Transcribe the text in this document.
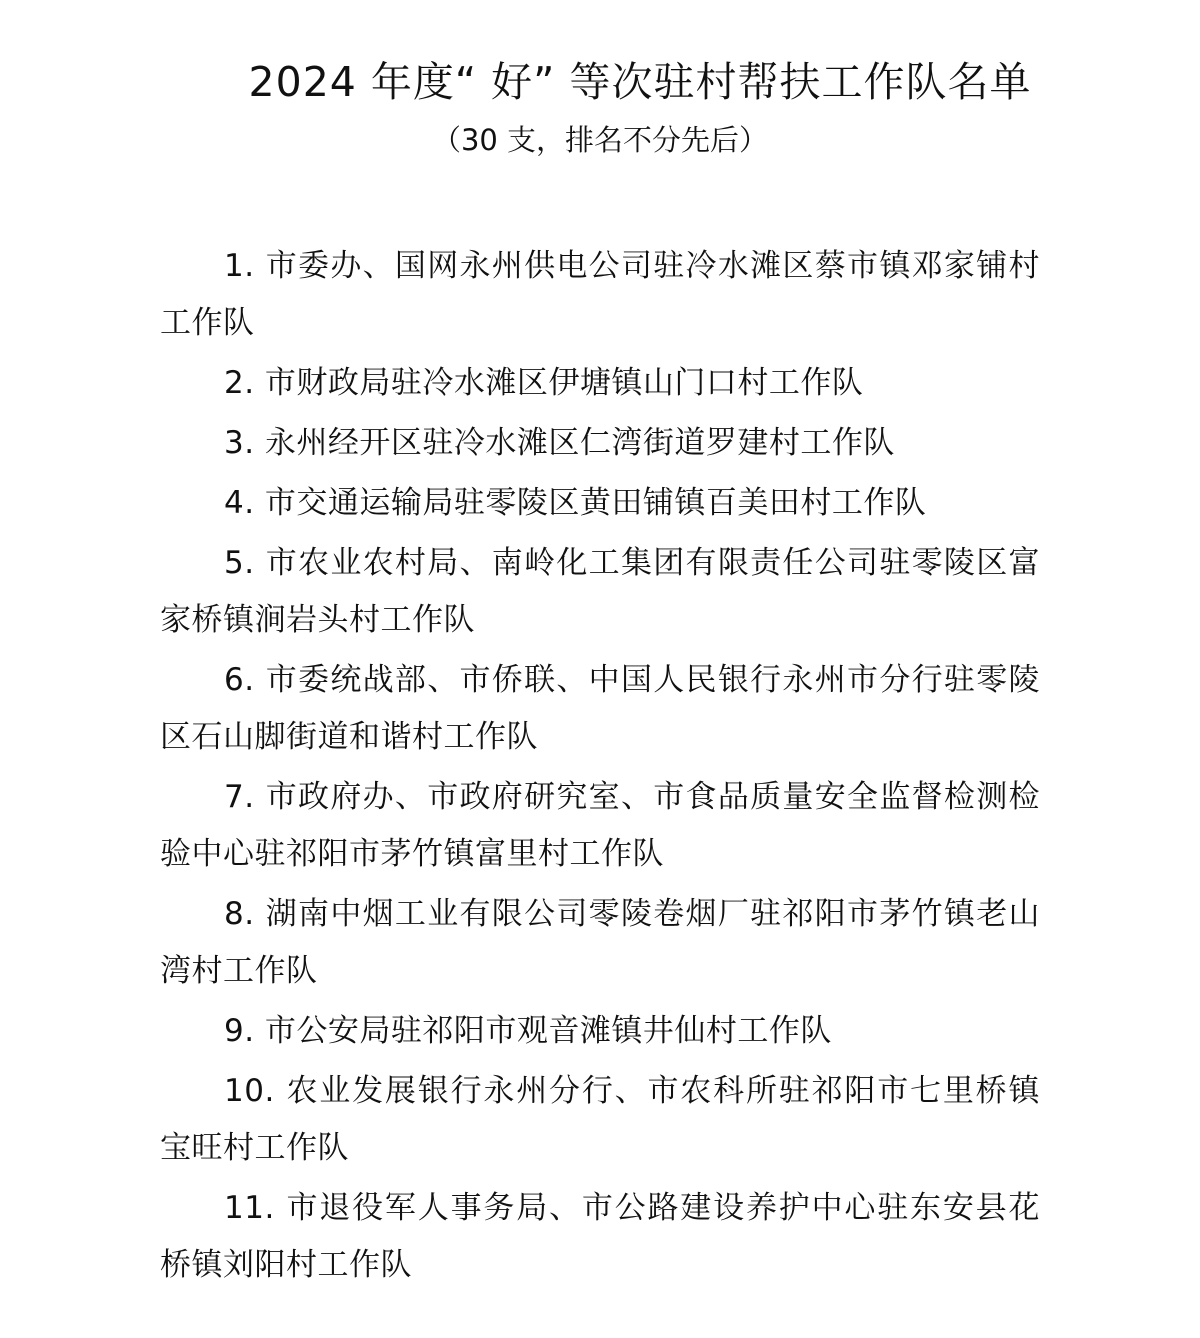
2024 年度“ 好” 等次驻村帮扶工作队名单

（30 支，排名不分先后）

1. 市委办、国网永州供电公司驻冷水滩区蔡市镇邓家铺村工作队
2. 市财政局驻冷水滩区伊塘镇山门口村工作队
3. 永州经开区驻冷水滩区仁湾街道罗建村工作队
4. 市交通运输局驻零陵区黄田铺镇百美田村工作队
5. 市农业农村局、南岭化工集团有限责任公司驻零陵区富家桥镇涧岩头村工作队
6. 市委统战部、市侨联、中国人民银行永州市分行驻零陵区石山脚街道和谐村工作队
7. 市政府办、市政府研究室、市食品质量安全监督检测检验中心驻祁阳市茅竹镇富里村工作队
8. 湖南中烟工业有限公司零陵卷烟厂驻祁阳市茅竹镇老山湾村工作队
9. 市公安局驻祁阳市观音滩镇井仙村工作队
10. 农业发展银行永州分行、市农科所驻祁阳市七里桥镇宝旺村工作队
11. 市退役军人事务局、市公路建设养护中心驻东安县花桥镇刘阳村工作队
